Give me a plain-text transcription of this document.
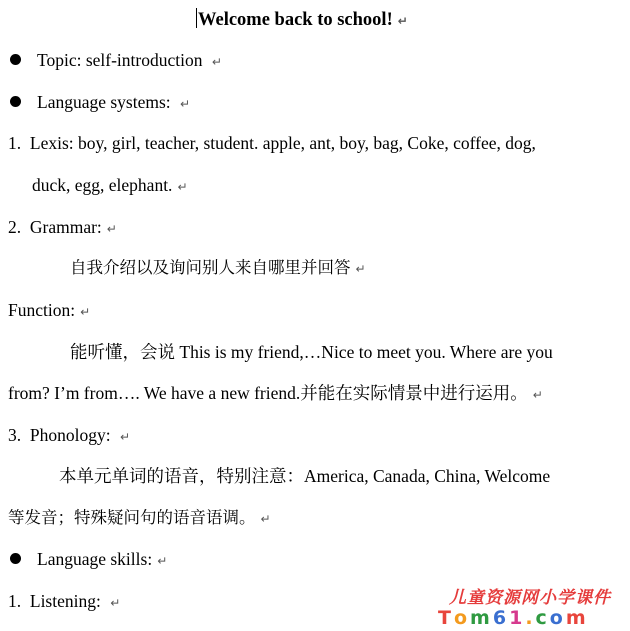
Welcome back to school! ↵
Topic: self-introduction ↵
Language systems: ↵
1. Lexis: boy, girl, teacher, student. apple, ant, boy, bag, Coke, coffee, dog,
duck, egg, elephant. ↵
2. Grammar: ↵
自我介绍以及询问别人来自哪里并回答 ↵
Function: ↵
能听懂，会说 This is my friend,…Nice to meet you. Where are you
from? I’m from…. We have a new friend.并能在实际情景中进行运用。 ↵
3. Phonology: ↵
本单元单词的语音，特别注意：America, Canada, China, Welcome
等发音；特殊疑问句的语音语调。 ↵
Language skills: ↵
1. Listening: ↵	儿童资源网小学课件
Tom61.com
